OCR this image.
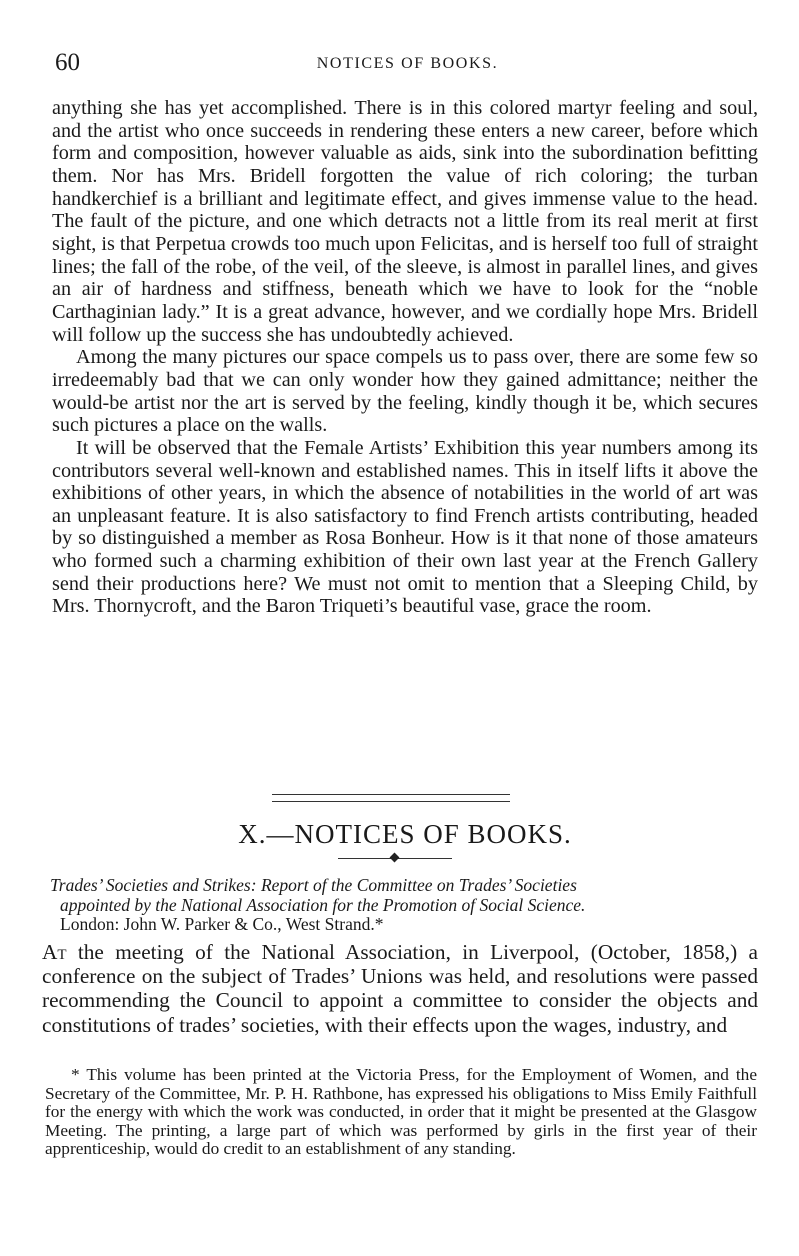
60	NOTICES OF BOOKS.

anything she has yet accomplished. There is in this colored martyr feeling and soul, and the artist who once succeeds in rendering these enters a new career, before which form and composition, however valuable as aids, sink into the subordination befitting them. Nor has Mrs. Bridell forgotten the value of rich coloring; the turban handkerchief is a brilliant and legitimate effect, and gives immense value to the head. The fault of the picture, and one which detracts not a little from its real merit at first sight, is that Perpetua crowds too much upon Felicitas, and is herself too full of straight lines; the fall of the robe, of the veil, of the sleeve, is almost in parallel lines, and gives an air of hardness and stiffness, beneath which we have to look for the “noble Carthaginian lady.” It is a great advance, however, and we cordially hope Mrs. Bridell will follow up the success she has undoubtedly achieved.

Among the many pictures our space compels us to pass over, there are some few so irredeemably bad that we can only wonder how they gained admittance; neither the would-be artist nor the art is served by the feeling, kindly though it be, which secures such pictures a place on the walls.

It will be observed that the Female Artists’ Exhibition this year numbers among its contributors several well-known and established names. This in itself lifts it above the exhibitions of other years, in which the absence of notabilities in the world of art was an unpleasant feature. It is also satisfactory to find French artists contributing, headed by so distinguished a member as Rosa Bonheur. How is it that none of those amateurs who formed such a charming exhibition of their own last year at the French Gallery send their productions here? We must not omit to mention that a Sleeping Child, by Mrs. Thornycroft, and the Baron Triqueti’s beautiful vase, grace the room.

X.—NOTICES OF BOOKS.
Trades’ Societies and Strikes: Report of the Committee on Trades’ Societies
appointed by the National Association for the Promotion of Social Science.
London: John W. Parker & Co., West Strand.*
At the meeting of the National Association, in Liverpool, (October, 1858,) a conference on the subject of Trades’ Unions was held, and resolutions were passed recommending the Council to appoint a committee to consider the objects and constitutions of trades’ societies, with their effects upon the wages, industry, and

* This volume has been printed at the Victoria Press, for the Employment of Women, and the Secretary of the Committee, Mr. P. H. Rathbone, has expressed his obligations to Miss Emily Faithfull for the energy with which the work was conducted, in order that it might be presented at the Glasgow Meeting. The printing, a large part of which was performed by girls in the first year of their apprenticeship, would do credit to an establishment of any standing.
